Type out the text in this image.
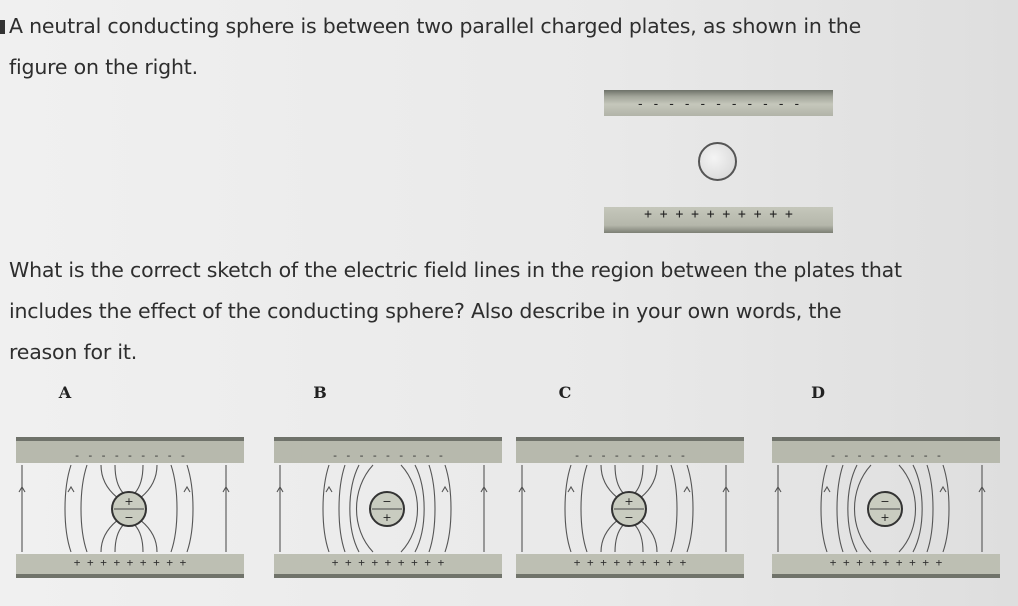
A neutral conducting sphere is between two parallel charged plates, as shown in the figure on the right.

- - - - - - - - - - -
+ + + + + + + + + +

What is the correct sketch of the electric field lines in the region between the plates that includes the effect of the conducting sphere? Also describe in your own words, the reason for it.

A	B	C	D
- - - - - - - - -
+ + + + + + + + +
+
−
- - - - - - - - -
+ + + + + + + + +
−
+
- - - - - - - - -
+ + + + + + + + +
+
−
- - - - - - - - -
+ + + + + + + + +
−
+
